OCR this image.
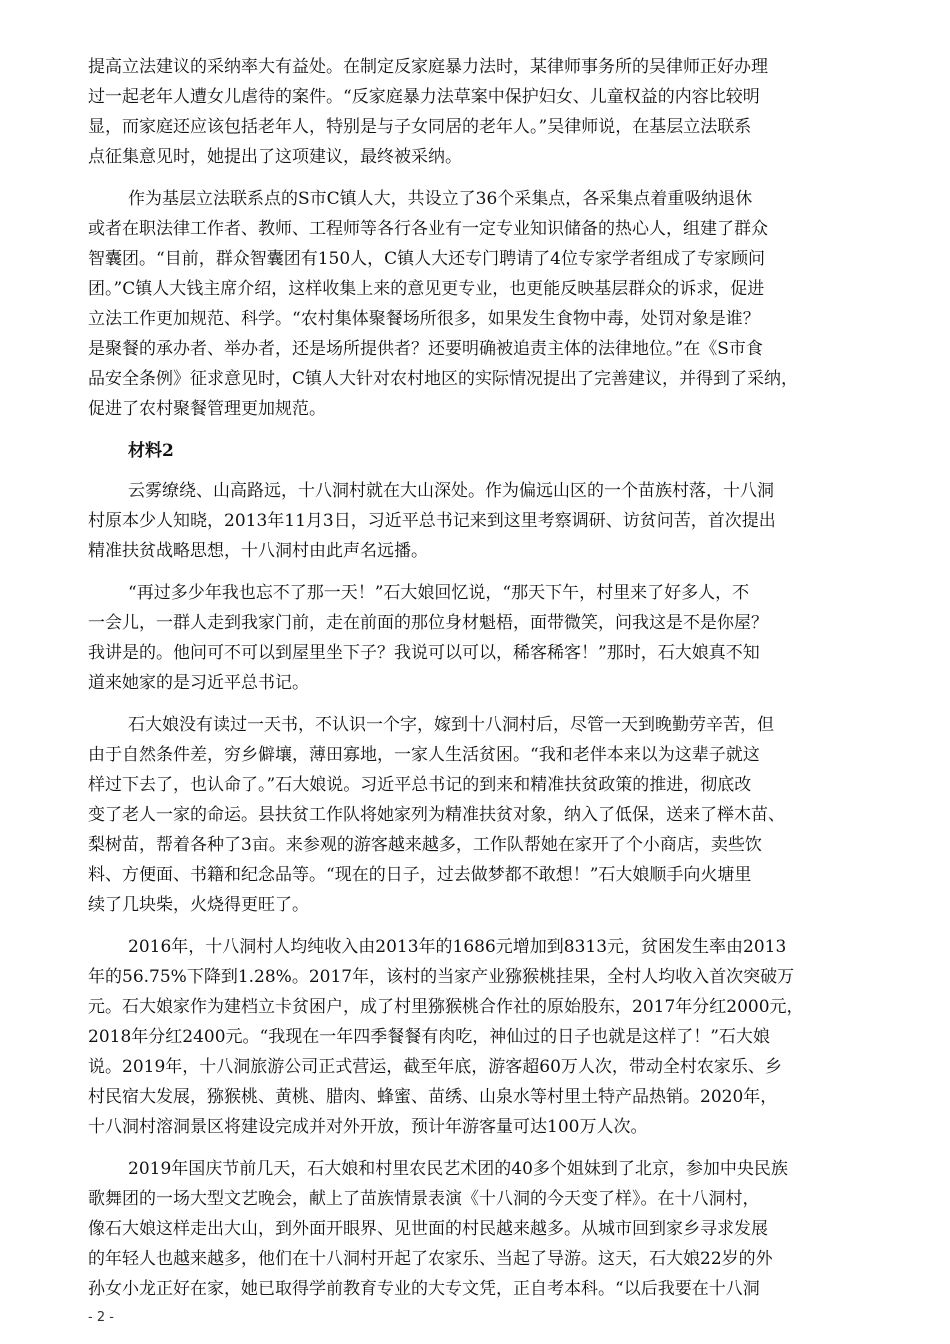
提高立法建议的采纳率大有益处。在制定反家庭暴力法时，某律师事务所的吴律师正好办理
过一起老年人遭女儿虐待的案件。“反家庭暴力法草案中保护妇女、儿童权益的内容比较明
显，而家庭还应该包括老年人，特别是与子女同居的老年人。”吴律师说，在基层立法联系
点征集意见时，她提出了这项建议，最终被采纳。

作为基层立法联系点的S市C镇人大，共设立了36个采集点，各采集点着重吸纳退休
或者在职法律工作者、教师、工程师等各行各业有一定专业知识储备的热心人，组建了群众
智囊团。“目前，群众智囊团有150人，C镇人大还专门聘请了4位专家学者组成了专家顾问
团。”C镇人大钱主席介绍，这样收集上来的意见更专业，也更能反映基层群众的诉求，促进
立法工作更加规范、科学。“农村集体聚餐场所很多，如果发生食物中毒，处罚对象是谁？
是聚餐的承办者、举办者，还是场所提供者？还要明确被追责主体的法律地位。”在《S市食
品安全条例》征求意见时，C镇人大针对农村地区的实际情况提出了完善建议，并得到了采纳，
促进了农村聚餐管理更加规范。

材料2

云雾缭绕、山高路远，十八洞村就在大山深处。作为偏远山区的一个苗族村落，十八洞
村原本少人知晓，2013年11月3日，习近平总书记来到这里考察调研、访贫问苦，首次提出
精准扶贫战略思想，十八洞村由此声名远播。

“再过多少年我也忘不了那一天！”石大娘回忆说，“那天下午，村里来了好多人，不
一会儿，一群人走到我家门前，走在前面的那位身材魁梧，面带微笑，问我这是不是你屋？
我讲是的。他问可不可以到屋里坐下子？我说可以可以，稀客稀客！”那时，石大娘真不知
道来她家的是习近平总书记。

石大娘没有读过一天书，不认识一个字，嫁到十八洞村后，尽管一天到晚勤劳辛苦，但
由于自然条件差，穷乡僻壤，薄田寡地，一家人生活贫困。“我和老伴本来以为这辈子就这
样过下去了，也认命了。”石大娘说。习近平总书记的到来和精准扶贫政策的推进，彻底改
变了老人一家的命运。县扶贫工作队将她家列为精准扶贫对象，纳入了低保，送来了榉木苗、
梨树苗，帮着各种了3亩。来参观的游客越来越多，工作队帮她在家开了个小商店，卖些饮
料、方便面、书籍和纪念品等。“现在的日子，过去做梦都不敢想！”石大娘顺手向火塘里
续了几块柴，火烧得更旺了。

2016年，十八洞村人均纯收入由2013年的1686元增加到8313元，贫困发生率由2013
年的56.75%下降到1.28%。2017年，该村的当家产业猕猴桃挂果，全村人均收入首次突破万
元。石大娘家作为建档立卡贫困户，成了村里猕猴桃合作社的原始股东，2017年分红2000元，
2018年分红2400元。“我现在一年四季餐餐有肉吃，神仙过的日子也就是这样了！”石大娘
说。2019年，十八洞旅游公司正式营运，截至年底，游客超60万人次，带动全村农家乐、乡
村民宿大发展，猕猴桃、黄桃、腊肉、蜂蜜、苗绣、山泉水等村里土特产品热销。2020年，
十八洞村溶洞景区将建设完成并对外开放，预计年游客量可达100万人次。

2019年国庆节前几天，石大娘和村里农民艺术团的40多个姐妹到了北京，参加中央民族
歌舞团的一场大型文艺晚会，献上了苗族情景表演《十八洞的今天变了样》。在十八洞村，
像石大娘这样走出大山，到外面开眼界、见世面的村民越来越多。从城市回到家乡寻求发展
的年轻人也越来越多，他们在十八洞村开起了农家乐、当起了导游。这天，石大娘22岁的外
孙女小龙正好在家，她已取得学前教育专业的大专文凭，正自考本科。“以后我要在十八洞

- 2 -
